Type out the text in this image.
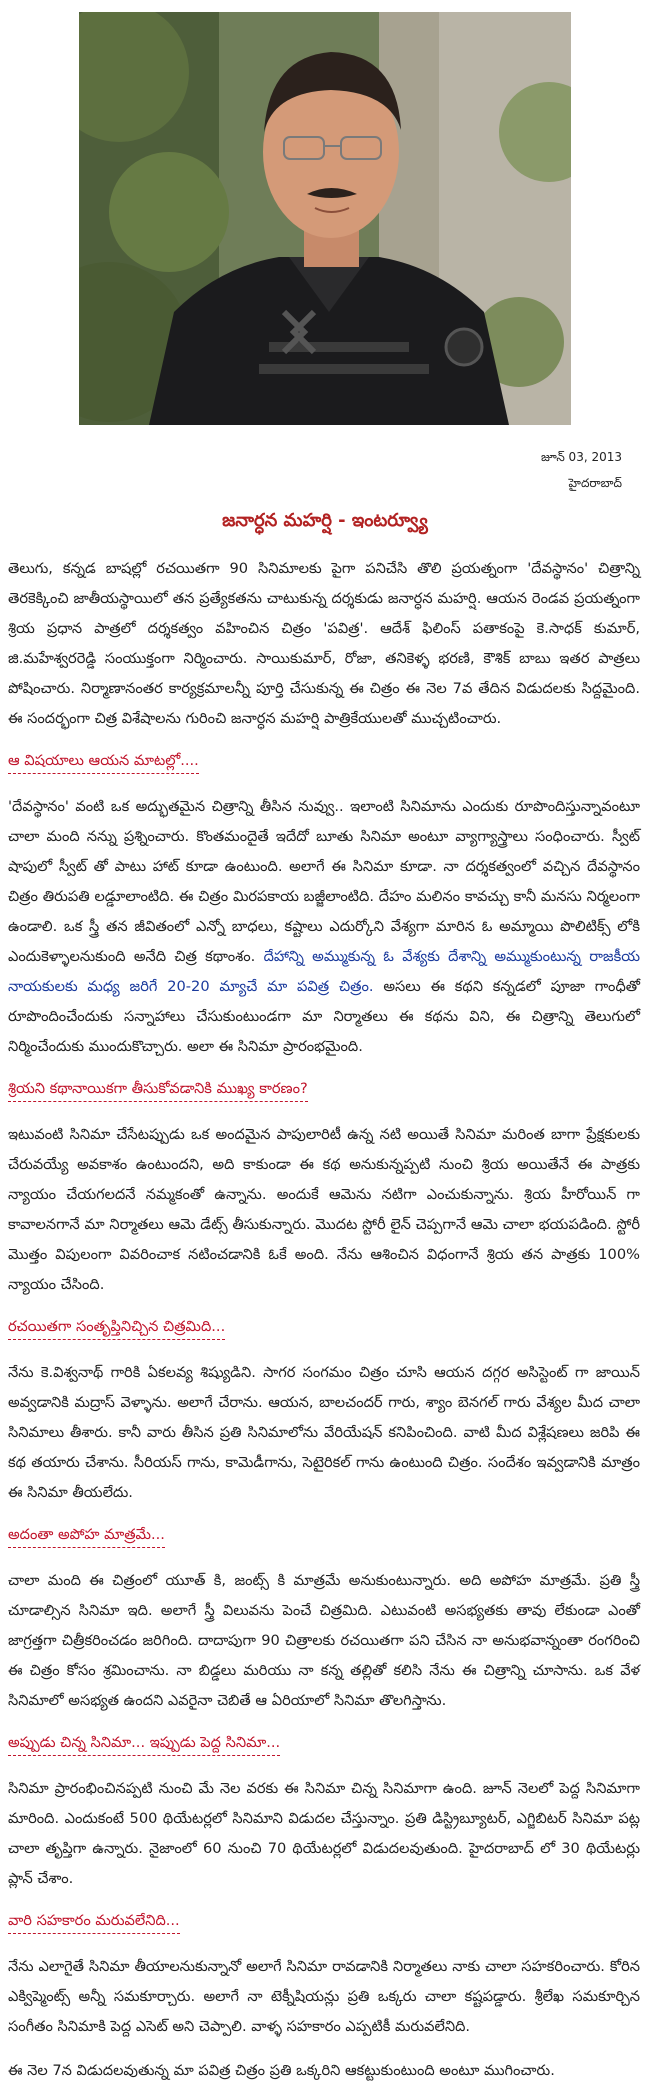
జూన్ 03, 2013
హైదరాబాద్
జనార్ధన మహర్షి - ఇంటర్వ్యూ

తెలుగు, కన్నడ బాషల్లో రచయితగా 90 సినిమాలకు పైగా పనిచేసి తొలి ప్రయత్నంగా 'దేవస్థానం' చిత్రాన్ని తెరకెక్కించి జాతీయస్థాయిలో తన ప్రత్యేకతను చాటుకున్న దర్శకుడు జనార్ధన మహర్షి. ఆయన రెండవ ప్రయత్నంగా శ్రియ ప్రధాన పాత్రలో దర్శకత్వం వహించిన చిత్రం 'పవిత్ర'. ఆదేశ్ ఫిలింస్ పతాకంపై కె.సాధక్ కుమార్, జి.మహేశ్వరరెడ్డి సంయుక్తంగా నిర్మించారు. సాయికుమార్, రోజా, తనికెళ్ళ భరణి, కౌశిక్ బాబు ఇతర పాత్రలు పోషించారు. నిర్మాణానంతర కార్యక్రమాలన్నీ పూర్తి చేసుకున్న ఈ చిత్రం ఈ నెల 7వ తేదిన విడుదలకు సిద్దమైంది. ఈ సందర్భంగా చిత్ర విశేషాలను గురించి జనార్ధన మహర్షి పాత్రికేయులతో ముచ్చటించారు.

ఆ విషయాలు ఆయన మాటల్లో....

'దేవస్థానం' వంటి ఒక అద్భుతమైన చిత్రాన్ని తీసిన నువ్వు.. ఇలాంటి సినిమాను ఎందుకు రూపొందిస్తున్నావంటూ చాలా మంది నన్ను ప్రశ్నించారు. కొంతమందైతే ఇదేదో బూతు సినిమా అంటూ వ్యాగ్యాస్త్రాలు సంధించారు. స్వీట్ షాపులో స్వీట్ తో పాటు హాట్ కూడా ఉంటుంది. అలాగే ఈ సినిమా కూడా. నా దర్శకత్వంలో వచ్చిన దేవస్థానం చిత్రం తిరుపతి లడ్డూలాంటిది. ఈ చిత్రం మిరపకాయ బజ్జీలాంటిది. దేహం మలినం కావచ్చు కానీ మనసు నిర్మలంగా ఉండాలి. ఒక స్త్రీ తన జీవితంలో ఎన్నో బాధలు, కష్టాలు ఎదుర్కోని వేశ్యగా మారిన ఓ అమ్మాయి పొలిటిక్స్ లోకి ఎందుకెళ్ళాలనుకుంది అనేది చిత్ర కథాంశం. దేహాన్ని అమ్ముకున్న ఓ వేశ్యకు దేశాన్ని అమ్ముకుంటున్న రాజకీయ నాయకులకు మధ్య జరిగే 20-20 మ్యాచే మా పవిత్ర చిత్రం. అసలు ఈ కథని కన్నడలో పూజా గాంధీతో రూపొందించేందుకు సన్నాహాలు చేసుకుంటుండగా మా నిర్మాతలు ఈ కథను విని, ఈ చిత్రాన్ని తెలుగులో నిర్మించేందుకు ముందుకొచ్చారు. అలా ఈ సినిమా ప్రారంభమైంది.

శ్రియని కథానాయికగా తీసుకోవడానికి ముఖ్య కారణం?

ఇటువంటి సినిమా చేసేటప్పుడు ఒక అందమైన పాపులారిటీ ఉన్న నటి అయితే సినిమా మరింత బాగా ప్రేక్షకులకు చేరువయ్యే అవకాశం ఉంటుందని, అది కాకుండా ఈ కథ అనుకున్నప్పటి నుంచి శ్రియ అయితేనే ఈ పాత్రకు న్యాయం చేయగలదనే నమ్మకంతో ఉన్నాను. అందుకే ఆమెను నటిగా ఎంచుకున్నాను. శ్రియ హీరోయిన్ గా కావాలనగానే మా నిర్మాతలు ఆమె డేట్స్ తీసుకున్నారు. మొదట స్టోరీ లైన్ చెప్పగానే ఆమె చాలా భయపడింది. స్టోరీ మొత్తం విపులంగా వివరించాక నటించడానికి ఓకే అంది. నేను ఆశించిన విధంగానే శ్రియ తన పాత్రకు 100% న్యాయం చేసింది.

రచయితగా సంతృప్తినిచ్చిన చిత్రమిది...

నేను కె.విశ్వనాథ్ గారికి ఏకలవ్య శిష్యుడిని. సాగర సంగమం చిత్రం చూసి ఆయన దగ్గర అసిస్టెంట్ గా జాయిన్ అవ్వడానికి మద్రాస్ వెళ్ళాను. అలాగే చేరాను. ఆయన, బాలచందర్ గారు, శ్యాం బెనగల్ గారు వేశ్యల మీద చాలా సినిమాలు తీశారు. కానీ వారు తీసిన ప్రతి సినిమాలోను వేరియేషన్ కనిపించింది. వాటి మీద విశ్లేషణలు జరిపి ఈ కథ తయారు చేశాను. సీరియస్ గాను, కామెడీగాను, సెటైరికల్ గాను ఉంటుంది చిత్రం. సందేశం ఇవ్వడానికి మాత్రం ఈ సినిమా తీయలేదు.

అదంతా అపోహ మాత్రమే...

చాలా మంది ఈ చిత్రంలో యూత్ కి, జంట్స్ కి మాత్రమే అనుకుంటున్నారు. అది అపోహ మాత్రమే. ప్రతి స్త్రీ చూడాల్సిన సినిమా ఇది. అలాగే స్త్రీ విలువను పెంచే చిత్రమిది. ఎటువంటి అసభ్యతకు తావు లేకుండా ఎంతో జాగ్రత్తగా చిత్రీకరించడం జరిగింది. దాదాపుగా 90 చిత్రాలకు రచయితగా పని చేసిన నా అనుభవాన్నంతా రంగరించి ఈ చిత్రం కోసం శ్రమించాను. నా బిడ్డలు మరియు నా కన్న తల్లితో కలిసి నేను ఈ చిత్రాన్ని చూసాను. ఒక వేళ సినిమాలో అసభ్యత ఉందని ఎవరైనా చెబితే ఆ ఏరియాలో సినిమా తొలగిస్తాను.

అప్పుడు చిన్న సినిమా... ఇప్పుడు పెద్ద సినిమా...

సినిమా ప్రారంభించినప్పటి నుంచి మే నెల వరకు ఈ సినిమా చిన్న సినిమాగా ఉంది. జూన్ నెలలో పెద్ద సినిమాగా మారింది. ఎందుకంటే 500 థియేటర్లలో సినిమాని విడుదల చేస్తున్నాం. ప్రతి డిస్ట్రిబ్యూటర్, ఎగ్జిబిటర్ సినిమా పట్ల చాలా తృప్తిగా ఉన్నారు. నైజాంలో 60 నుంచి 70 థియేటర్లలో విడుదలవుతుంది. హైదరాబాద్ లో 30 థియేటర్లు ప్లాన్ చేశాం.

వారి సహకారం మరువలేనిది...

నేను ఎలాగైతే సినిమా తీయాలనుకున్నానో అలాగే సినిమా రావడానికి నిర్మాతలు నాకు చాలా సహకరించారు. కోరిన ఎక్విప్మెంట్స్ అన్నీ సమకూర్చారు. అలాగే నా టెక్నీషియన్లు ప్రతి ఒక్కరు చాలా కష్టపడ్డారు. శ్రీలేఖ సమకూర్చిన సంగీతం సినిమాకి పెద్ద ఎసెట్ అని చెప్పాలి. వాళ్ళ సహకారం ఎప్పటికీ మరువలేనిది.

ఈ నెల 7న విడుదలవుతున్న మా పవిత్ర చిత్రం ప్రతి ఒక్కరిని ఆకట్టుకుంటుంది అంటూ ముగించారు.
